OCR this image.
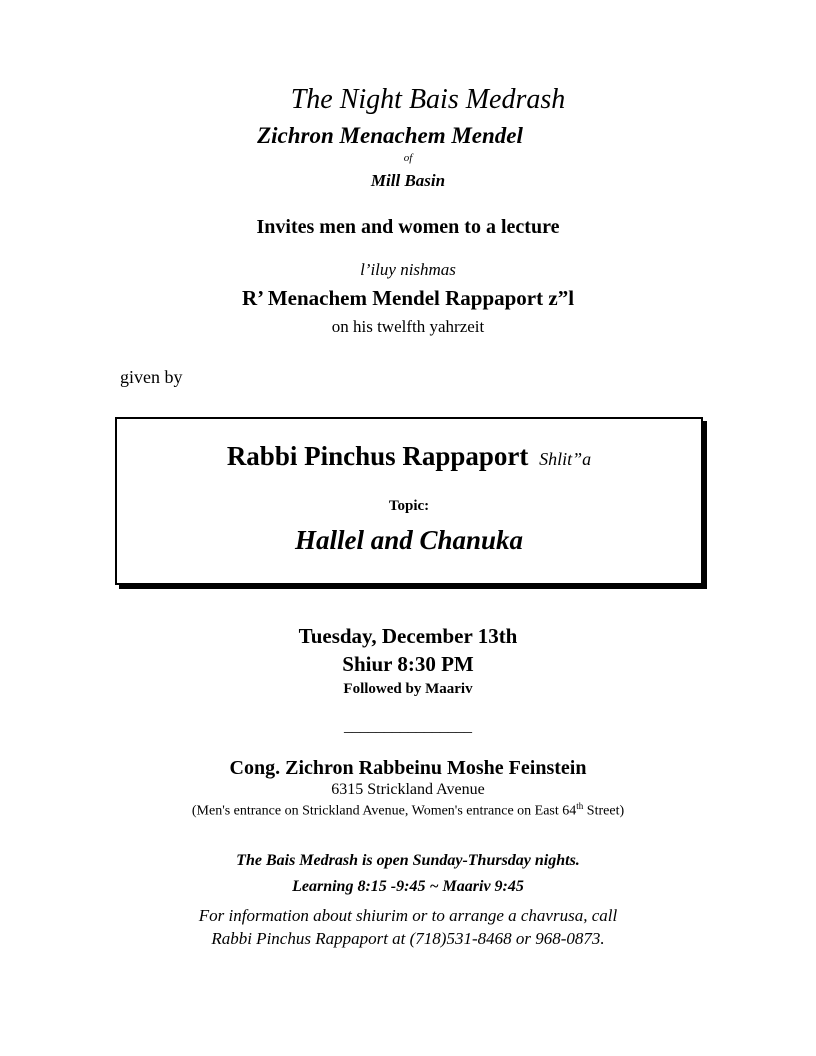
The Night Bais Medrash
Zichron Menachem Mendel
of
Mill Basin
Invites men and women to a lecture
l’iluy nishmas
R’ Menachem Mendel Rappaport z”l
on his twelfth yahrzeit
given by
Rabbi Pinchus Rappaport Shlit”a
Topic:
Hallel and Chanuka
Tuesday, December 13th
Shiur 8:30 PM
Followed by Maariv
________________
Cong. Zichron Rabbeinu Moshe Feinstein
6315 Strickland Avenue
(Men's entrance on Strickland Avenue, Women's entrance on East 64th Street)
The Bais Medrash is open Sunday-Thursday nights.
Learning 8:15 -9:45 ~ Maariv 9:45
For information about shiurim or to arrange a chavrusa, call
Rabbi Pinchus Rappaport at (718)531-8468 or 968-0873.
